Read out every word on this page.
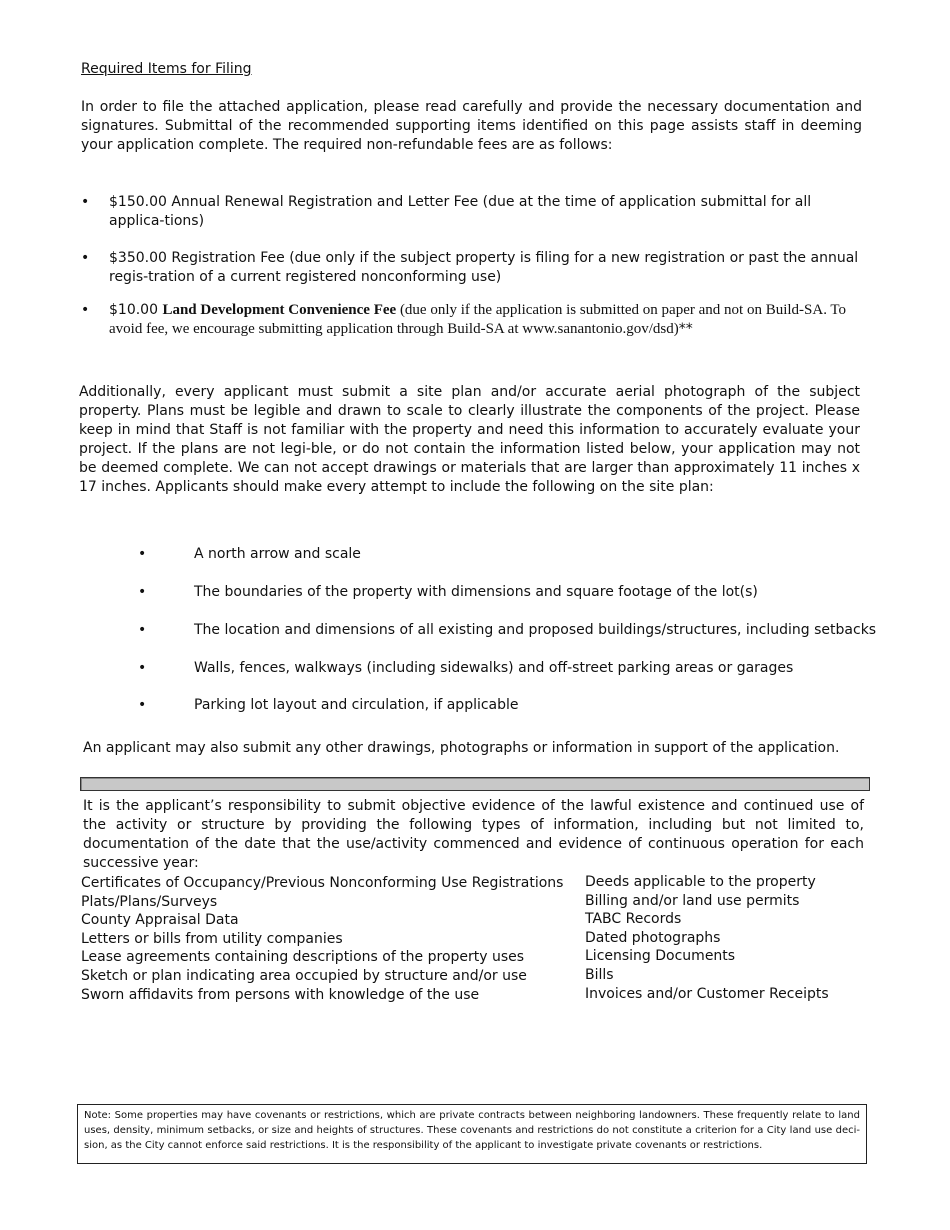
Required Items for Filing
In order to file the attached application, please read carefully and provide the necessary documentation and signatures. Submittal of the recommended supporting items identified on this page assists staff in deeming your application complete. The required non-refundable fees are as follows:
• $150.00 Annual Renewal Registration and Letter Fee (due at the time of application submittal for all applica-tions)
• $350.00 Registration Fee (due only if the subject property is filing for a new registration or past the annual regis-tration of a current registered nonconforming use)
• $10.00 Land Development Convenience Fee (due only if the application is submitted on paper and not on Build-SA. To avoid fee, we encourage submitting application through Build-SA at www.sanantonio.gov/dsd)**
Additionally, every applicant must submit a site plan and/or accurate aerial photograph of the subject property. Plans must be legible and drawn to scale to clearly illustrate the components of the project. Please keep in mind that Staff is not familiar with the property and need this information to accurately evaluate your project. If the plans are not legi-ble, or do not contain the information listed below, your application may not be deemed complete. We can not accept drawings or materials that are larger than approximately 11 inches x 17 inches. Applicants should make every attempt to include the following on the site plan:
•	A north arrow and scale
•	The boundaries of the property with dimensions and square footage of the lot(s)
•	The location and dimensions of all existing and proposed buildings/structures, including setbacks
•	Walls, fences, walkways (including sidewalks) and off-street parking areas or garages
•	Parking lot layout and circulation, if applicable
An applicant may also submit any other drawings, photographs or information in support of the application.
It is the applicant’s responsibility to submit objective evidence of the lawful existence and continued use of the activity or structure by providing the following types of information, including but not limited to, documentation of the date that the use/activity commenced and evidence of continuous operation for each successive year:
Certificates of Occupancy/Previous Nonconforming Use Registrations
Plats/Plans/Surveys
County Appraisal Data
Letters or bills from utility companies
Lease agreements containing descriptions of the property uses
Sketch or plan indicating area occupied by structure and/or use
Sworn affidavits from persons with knowledge of the use
Deeds applicable to the property
Billing and/or land use permits
TABC Records
Dated photographs
Licensing Documents
Bills
Invoices and/or Customer Receipts
Note: Some properties may have covenants or restrictions, which are private contracts between neighboring landowners. These frequently relate to land uses, density, minimum setbacks, or size and heights of structures. These covenants and restrictions do not constitute a criterion for a City land use deci-sion, as the City cannot enforce said restrictions. It is the responsibility of the applicant to investigate private covenants or restrictions.
